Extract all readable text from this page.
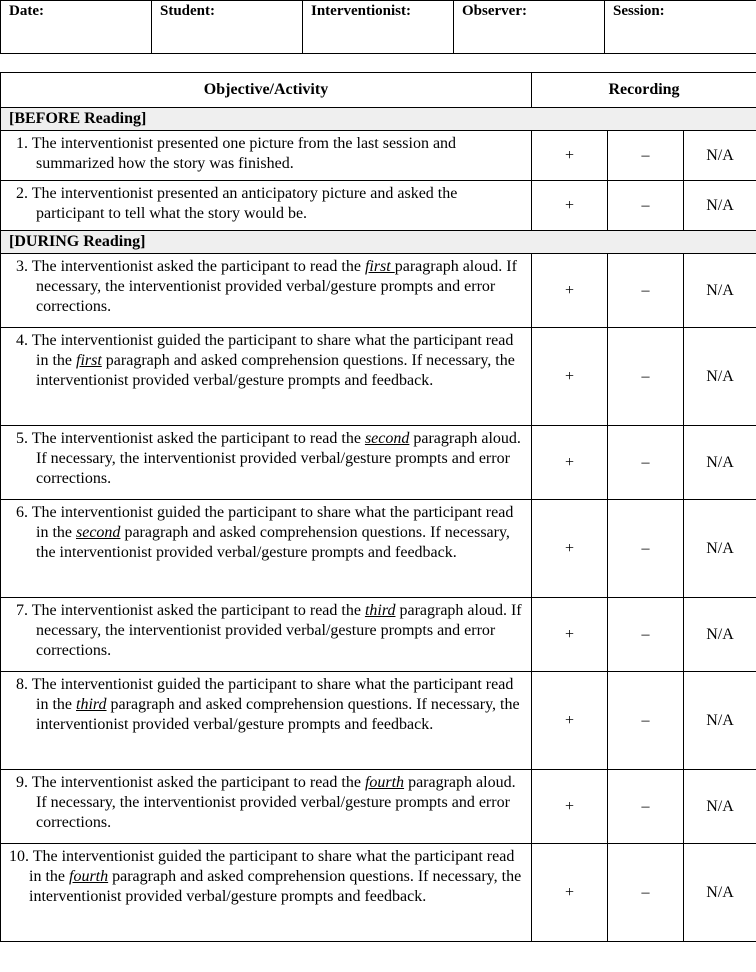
Date:	Student:	Interventionist:	Observer:	Session:
Objective/Activity	Recording		
[BEFORE Reading]			
1. The interventionist presented one picture from the last session and summarized how the story was finished.	+	–	N/A
2. The interventionist presented an anticipatory picture and asked the participant to tell what the story would be.	+	–	N/A
[DURING Reading]			
3. The interventionist asked the participant to read the first paragraph aloud. If necessary, the interventionist provided verbal/gesture prompts and error corrections.	+	–	N/A
4. The interventionist guided the participant to share what the participant read in the first paragraph and asked comprehension questions. If necessary, the interventionist provided verbal/gesture prompts and feedback.	+	–	N/A
5. The interventionist asked the participant to read the second paragraph aloud. If necessary, the interventionist provided verbal/gesture prompts and error corrections.	+	–	N/A
6. The interventionist guided the participant to share what the participant read in the second paragraph and asked comprehension questions. If necessary, the interventionist provided verbal/gesture prompts and feedback.	+	–	N/A
7. The interventionist asked the participant to read the third paragraph aloud. If necessary, the interventionist provided verbal/gesture prompts and error corrections.	+	–	N/A
8. The interventionist guided the participant to share what the participant read in the third paragraph and asked comprehension questions. If necessary, the interventionist provided verbal/gesture prompts and feedback.	+	–	N/A
9. The interventionist asked the participant to read the fourth paragraph aloud. If necessary, the interventionist provided verbal/gesture prompts and error corrections.	+	–	N/A
10. The interventionist guided the participant to share what the participant read in the fourth paragraph and asked comprehension questions. If necessary, the interventionist provided verbal/gesture prompts and feedback.	+	–	N/A
